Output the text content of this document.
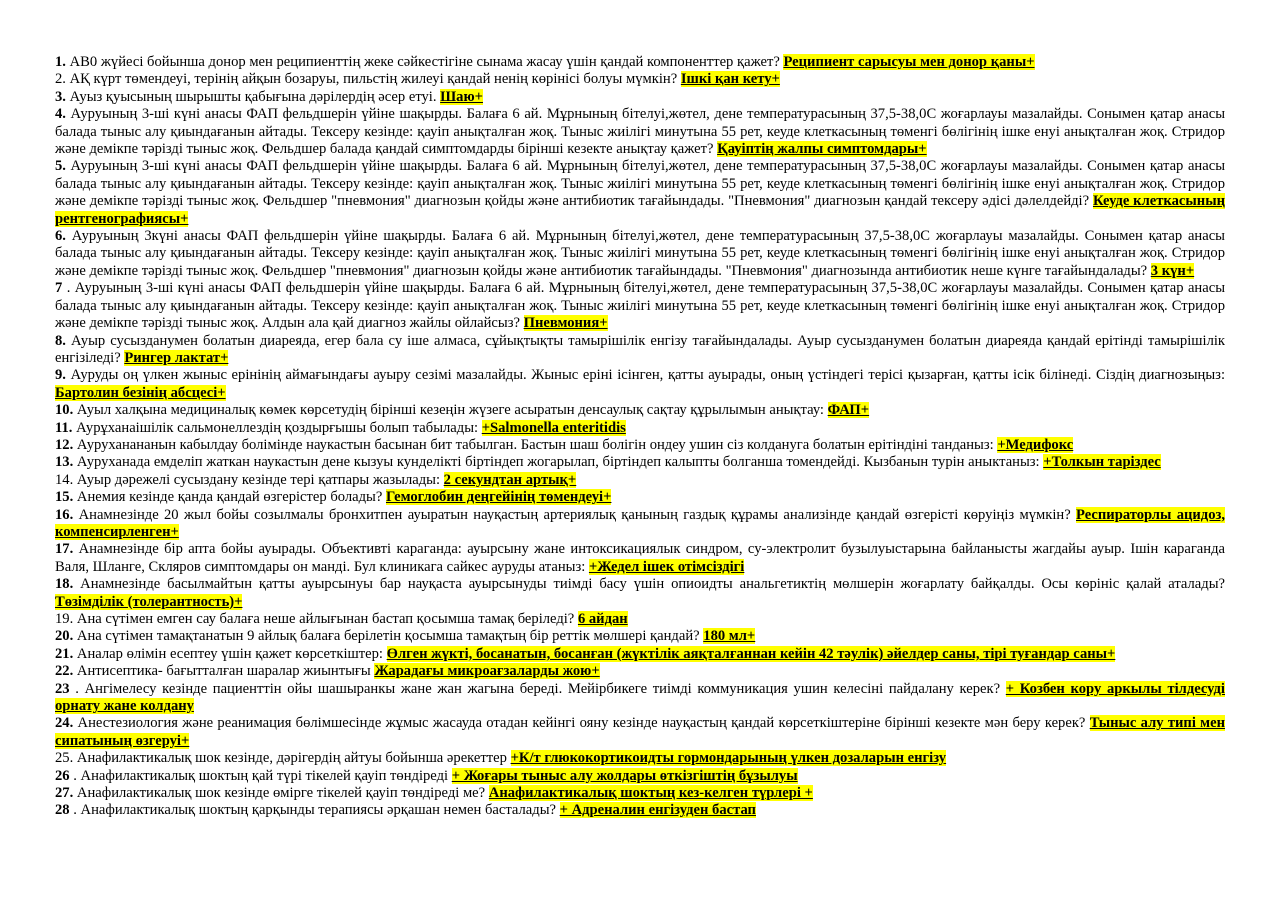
1. АВ0 жүйесі бойынша донор мен реципиенттің жеке сәйкестігіне сынама жасау үшін қандай компоненттер қажет? Реципиент сарысуы мен донор қаны+
2. АҚ күрт төмендеуі, терінің айқын бозаруы, пильстің жилеуі қандай ненің көрінісі болуы мүмкін? Ішкі қан кету+
3. Ауыз қуысының шырышты қабығына дәрілердің әсер етуі. Шаю+
4. Ауруының 3-ші күні анасы ФАП фельдшерін үйіне шақырды. Балаға 6 ай. Мұрнының бітелуі,жөтел, дене температурасының 37,5-38,0С жоғарлауы мазалайды. Сонымен қатар анасы балада тыныс алу қиындағанын айтады. Тексеру кезінде: қауіп анықталған жоқ. Тыныс жиілігі минутына 55 рет, кеуде клеткасының төменгі бөлігінің ішке енуі анықталған жоқ. Стридор және демікпе тәрізді тыныс жоқ. Фельдшер балада қандай симптомдарды бірінші кезекте анықтау қажет? Қауіптің жалпы симптомдары+
5. Ауруының 3-ші күні анасы ФАП фельдшерін үйіне шақырды. Балаға 6 ай. Мұрнының бітелуі,жөтел, дене температурасының 37,5-38,0С жоғарлауы мазалайды. Сонымен қатар анасы балада тыныс алу қиындағанын айтады. Тексеру кезінде: қауіп анықталған жоқ. Тыныс жиілігі минутына 55 рет, кеуде клеткасының төменгі бөлігінің ішке енуі анықталған жоқ. Стридор және демікпе тәрізді тыныс жоқ. Фельдшер "пневмония" диагнозын қойды және антибиотик тағайындады. "Пневмония" диагнозын қандай тексеру әдісі дәлелдейді? Кеуде клеткасының рентгенографиясы+
6. Ауруының 3күні анасы ФАП фельдшерін үйіне шақырды. Балаға 6 ай. Мұрнының бітелуі,жөтел, дене температурасының 37,5-38,0С жоғарлауы мазалайды. Сонымен қатар анасы балада тыныс алу қиындағанын айтады. Тексеру кезінде: қауіп анықталған жоқ. Тыныс жиілігі минутына 55 рет, кеуде клеткасының төменгі бөлігінің ішке енуі анықталған жоқ. Стридор және демікпе тәрізді тыныс жоқ. Фельдшер "пневмония" диагнозын қойды және антибиотик тағайындады. "Пневмония" диагнозында антибиотик неше күнге тағайындалады? 3 күн+
7 . Ауруының 3-ші күні анасы ФАП фельдшерін үйіне шақырды. Балаға 6 ай. Мұрнының бітелуі,жөтел, дене температурасының 37,5-38,0С жоғарлауы мазалайды. Сонымен қатар анасы балада тыныс алу қиындағанын айтады. Тексеру кезінде: қауіп анықталған жоқ. Тыныс жиілігі минутына 55 рет, кеуде клеткасының төменгі бөлігінің ішке енуі анықталған жоқ. Стридор және демікпе тәрізді тыныс жоқ. Алдын ала қай диагноз жайлы ойлайсыз? Пневмония+
8. Ауыр сусызданумен болатын диареяда, егер бала су іше алмаса, сұйықтықты тамырішілік енгізу тағайындалады. Ауыр сусызданумен болатын диареяда қандай ерітінді тамырішілік енгізіледі? Рингер лактат+
9. Ауруды оң үлкен жыныс ерінінің аймағындағы ауыру сезімі мазалайды. Жыныс еріні ісінген, қатты ауырады, оның үстіндегі терісі қызарған, қатты ісік білінеді. Сіздің диагнозыңыз: Бартолин безінің абсцесі+
10. Ауыл халқына медициналық көмек көрсетудің бірінші кезеңін жүзеге асыратын денсаулық сақтау құрылымын анықтау: ФАП+
11. Аурұханаішілік сальмонеллездің қоздырғышы болып табылады: +Salmonella enteritidis
12. Ауруханананын кабылдау болімінде наукастын басынан бит табылган. Бастын шаш болігін ондеу ушин сіз колдануга болатын ерітіндіні танданыз: +Медифокс
13. Ауруханада емделіп жаткан наукастын дене кызуы кунделікті біртіндеп жогарылап, біртіндеп калыпты болганша томендейді. Кызбанын турін аныктаныз: +Толкын таріздес
14. Ауыр дәрежелі сусыздану кезінде тері қатпары жазылады: 2 секундтан артық+
15. Анемия кезінде қанда қандай өзгерістер болады? Гемоглобин деңгейінің төмендеуі+
16. Анамнезінде 20 жыл бойы созылмалы бронхитпен ауыратын науқастың артериялық қанының газдық құрамы анализінде қандай өзгерісті көруіңіз мүмкін? Респираторлы ацидоз, компенсирленген+
17. Анамнезінде бір апта бойы ауырады. Объективті караганда: ауырсыну жане интоксикациялык синдром, су-электролит бузылуыстарына байланысты жагдайы ауыр. Ішін караганда Валя, Шланге, Скляров симптомдары он манді. Бул клиникага сайкес ауруды атаныз: +Жедел ішек отімсіздігі
18. Анамнезінде басылмайтын қатты ауырсынуы бар науқаста ауырсынуды тиімді басу үшін опиоидты анальгетиктің мөлшерін жоғарлату байқалды. Осы көрініс қалай аталады? Төзімділік (толерантность)+
19. Ана сүтімен емген сау балаға неше айлығынан бастап қосымша тамақ беріледі? 6 айдан
20. Ана сүтімен тамақтанатын 9 айлық балаға берілетін қосымша тамақтың бір реттік мөлшері қандай? 180 мл+
21. Аналар өлімін есептеу үшін қажет көрсеткіштер: Өлген жүкті, босанатын, босанған (жүктілік аяқталғаннан кейін 42 тәулік) әйелдер саны, тірі туғандар саны+
22. Антисептика- бағытталған шаралар жиынтығы Жарадағы микроағзаларды жою+
23 . Ангімелесу кезінде пациенттін ойы шашыранкы жане жан жагына береді. Мейірбикеге тиімді коммуникация ушин келесіні пайдалану керек? + Козбен кору аркылы тілдесуді орнату жане колдану
24. Анестезиология және реанимация бөлімшесінде жұмыс жасауда отадан кейінгі ояну кезінде науқастың қандай көрсеткіштеріне бірінші кезекте мән беру керек? Тыныс алу типі мен сипатының өзгеруі+
25. Анафилактикалық шок кезінде, дәрігердің айтуы бойынша әрекеттер +К/т глюкокортикоидты гормондарының үлкен дозаларын енгізу
26 . Анафилактикалық шоктың қай түрі тікелей қауіп төндіреді + Жоғары тыныс алу жолдары өткізгіштің бұзылуы
27. Анафилактикалық шок кезінде өмірге тікелей қауіп төндіреді ме? Анафилактикалық шоктың кез-келген түрлері +
28 . Анафилактикалық шоктың қарқынды терапиясы әрқашан немен басталады? + Адреналин енгізуден бастап
